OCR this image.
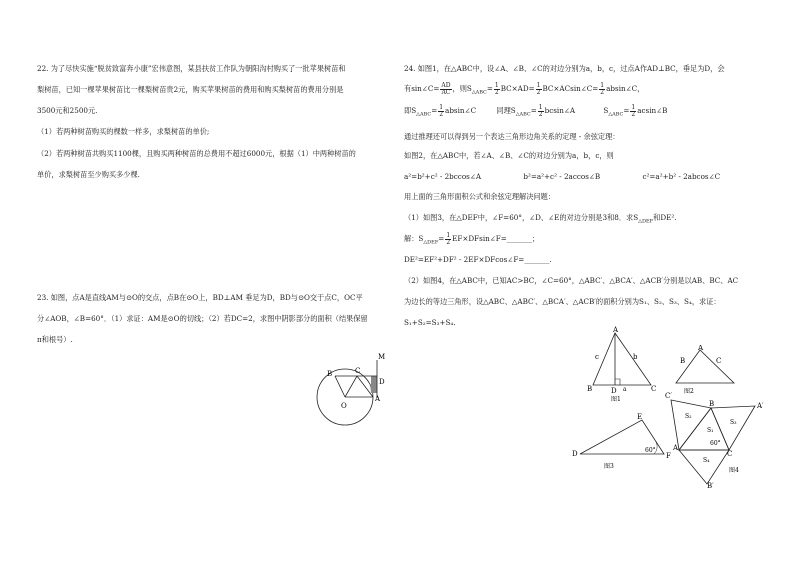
22. 为了尽快实施“脱贫致富奔小康”宏伟意图，某县扶贫工作队为朝阳沟村购买了一批苹果树苗和
梨树苗，已知一棵苹果树苗比一棵梨树苗贵2元，购买苹果树苗的费用和购买梨树苗的费用分别是
3500元和2500元.
（1）若两种树苗购买的棵数一样多，求梨树苗的单价;
（2）若两种树苗共购买1100棵，且购买两种树苗的总费用不超过6000元，根据（1）中两种树苗的
单价，求梨树苗至少购买多少棵.
23. 如图，点A是直线AM与⊙O的交点，点B在⊙O上，BD⊥AM 垂足为D，BD与⊙O交于点C，OC平
分∠AOB，∠B=60°．（1）求证：AM是⊙O的切线；（2）若DC=2，求图中阴影部分的面积（结果保留
π和根号）.
B	C
D
M
O
A
24. 如图1，在△ABC中，设∠A、∠B、∠C的对边分别为a，b，c，过点A作AD⊥BC，垂足为D，会
有sin∠C= $\frac{AD}{AC}$ ，则$S_{\triangle ABC}= \frac{1}{2} BC\times AD= \frac{1}{2}$ BC×ACsin∠C= $\frac{1}{2}$ absin∠C，
即$S_{\triangle ABC}= \frac{1}{2}$ absin∠C	同理$S_{\triangle ABC}= \frac{1}{2}$ bcsin∠A	$S_{\triangle ABC}= \frac{1}{2}$ acsin∠B
通过推理还可以得到另一个表达三角形边角关系的定理 - 余弦定理：
如图2，在△ABC中，若∠A、∠B、∠C的对边分别为a，b，c，则
a²=b²+c² - 2bccos∠A	b²=a²+c² - 2accos∠B	c²=a²+b² - 2abcos∠C
用上面的三角形面积公式和余弦定理解决问题：
（1）如图3，在△DEF中，∠F=60°，∠D、∠E的对边分别是3和8．求$S_{\triangle DEF}$和DE².
解：$S_{\triangle DEF}= \frac{1}{2}$ EF×DFsin∠F=_______；
DE²=EF²+DF² - 2EF×DFcos∠F=_______.
（2）如图4，在△ABC中，已知AC>BC，∠C=60°，△ABC′、△BCA′、△ACB′分别是以AB、BC、AC
为边长的等边三角形，设△ABC、△ABC′、△BCA′、△ACB′的面积分别为S₁、S₂、S₃、S₄，求证：
S₁+S₂=S₃+S₄.
A
B	C
D
b
c
a
图1
A
B	C
图2
D
E
F
60°
图3
C′
B	A′
A
C
B′
S₂
S₁
S₃
S₄
60°
图4
